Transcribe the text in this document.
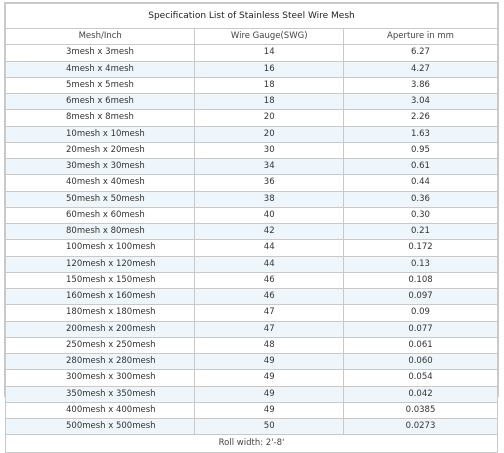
Specification List of Stainless Steel Wire Mesh		
Mesh/Inch	Wire Gauge(SWG)	Aperture in mm
3mesh x 3mesh	14	6.27
4mesh x 4mesh	16	4.27
5mesh x 5mesh	18	3.86
6mesh x 6mesh	18	3.04
8mesh x 8mesh	20	2.26
10mesh x 10mesh	20	1.63
20mesh x 20mesh	30	0.95
30mesh x 30mesh	34	0.61
40mesh x 40mesh	36	0.44
50mesh x 50mesh	38	0.36
60mesh x 60mesh	40	0.30
80mesh x 80mesh	42	0.21
100mesh x 100mesh	44	0.172
120mesh x 120mesh	44	0.13
150mesh x 150mesh	46	0.108
160mesh x 160mesh	46	0.097
180mesh x 180mesh	47	0.09
200mesh x 200mesh	47	0.077
250mesh x 250mesh	48	0.061
280mesh x 280mesh	49	0.060
300mesh x 300mesh	49	0.054
350mesh x 350mesh	49	0.042
400mesh x 400mesh	49	0.0385
500mesh x 500mesh	50	0.0273
Roll width: 2'-8'		
